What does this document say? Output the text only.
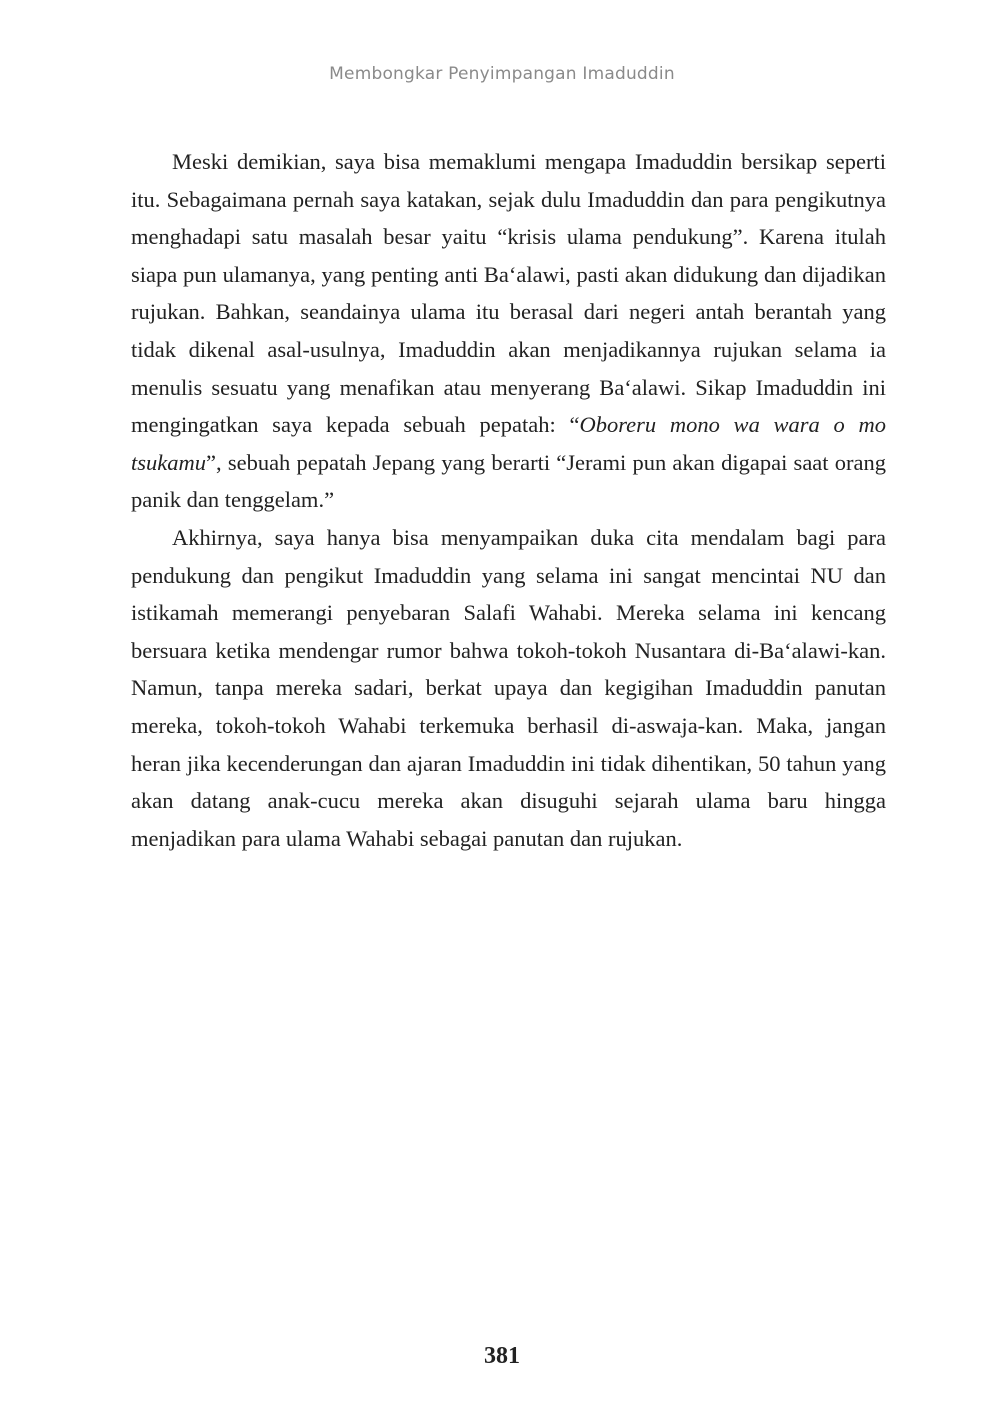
Membongkar Penyimpangan Imaduddin

Meski demikian, saya bisa memaklumi mengapa Imaduddin bersikap seperti itu. Sebagaimana pernah saya katakan, sejak dulu Imaduddin dan para pengikutnya menghadapi satu masalah besar yaitu “krisis ulama pendukung”. Karena itulah siapa pun ulamanya, yang penting anti Ba‘alawi, pasti akan didukung dan dijadikan rujukan. Bahkan, seandainya ulama itu berasal dari negeri antah berantah yang tidak dikenal asal-usulnya, Imaduddin akan menjadikannya rujukan selama ia menulis sesuatu yang menafikan atau menyerang Ba‘alawi. Sikap Imaduddin ini mengingatkan saya kepada sebuah pepatah: “Oboreru mono wa wara o mo tsukamu”, sebuah pepatah Jepang yang berarti “Jerami pun akan digapai saat orang panik dan tenggelam.”

Akhirnya, saya hanya bisa menyampaikan duka cita mendalam bagi para pendukung dan pengikut Imaduddin yang selama ini sangat mencintai NU dan istikamah memerangi penyebaran Salafi Wahabi. Mereka selama ini kencang bersuara ketika mendengar rumor bahwa tokoh-tokoh Nusantara di-Ba‘alawi-kan. Namun, tanpa mereka sadari, berkat upaya dan kegigihan Imaduddin panutan mereka, tokoh-tokoh Wahabi terkemuka berhasil di-aswaja-kan. Maka, jangan heran jika kecenderungan dan ajaran Imaduddin ini tidak dihentikan, 50 tahun yang akan datang anak-cucu mereka akan disuguhi sejarah ulama baru hingga menjadikan para ulama Wahabi sebagai panutan dan rujukan.

381
